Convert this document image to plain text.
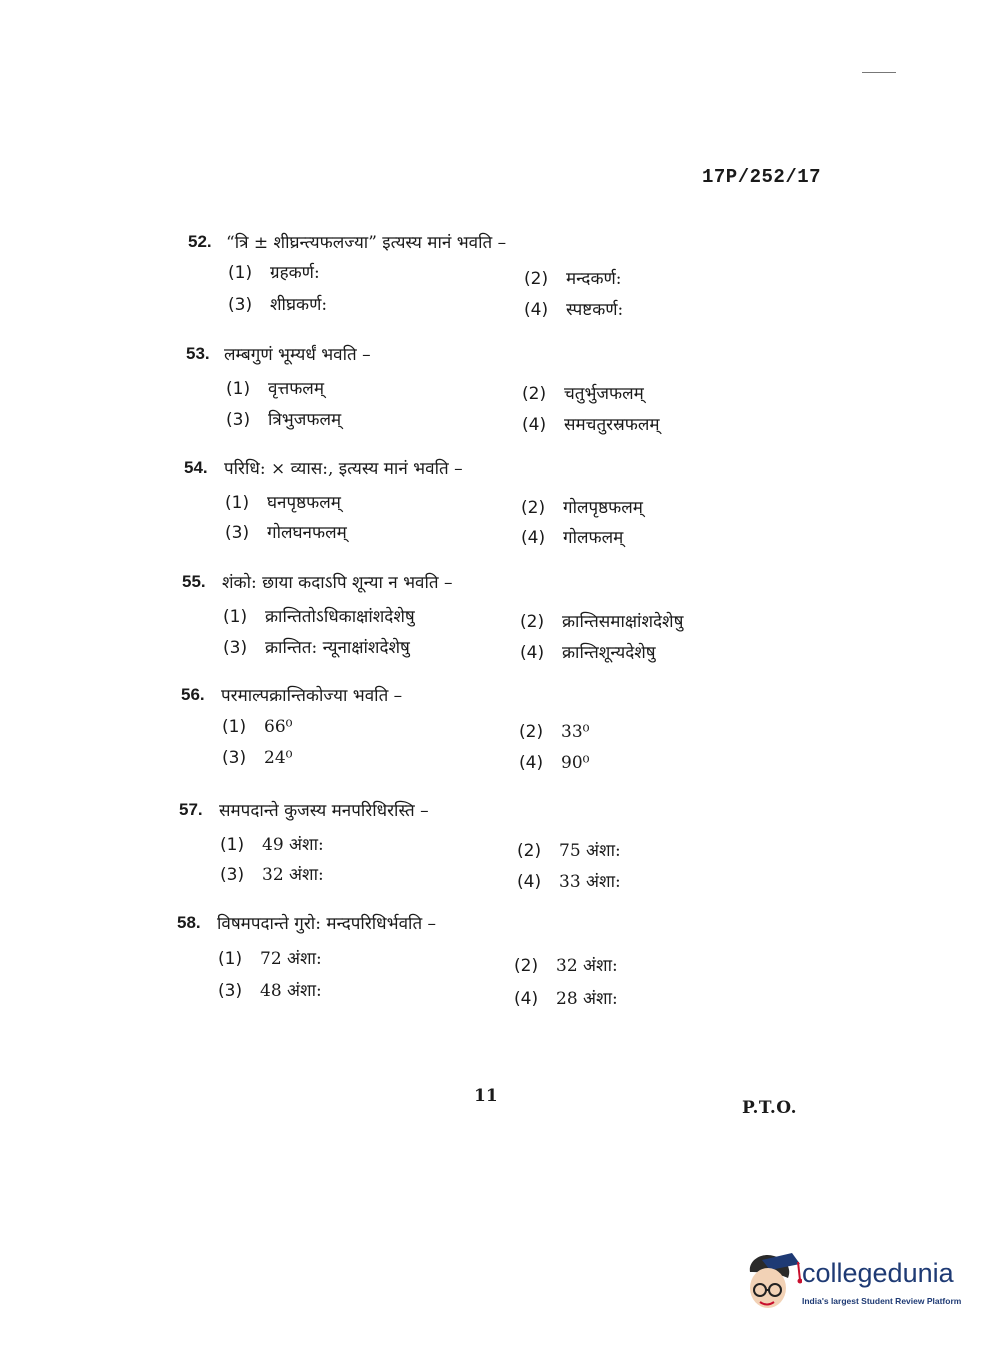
17P/252/17
52. “त्रि ± शीघ्रन्त्यफलज्या” इत्यस्य मानं भवति –
(1) ग्रहकर्ण:	(2) मन्दकर्ण:
(3) शीघ्रकर्ण:	(4) स्पष्टकर्ण:
53. लम्बगुणं भूम्यर्धं भवति –
(1) वृत्तफलम्	(2) चतुर्भुजफलम्
(3) त्रिभुजफलम्	(4) समचतुरस्रफलम्
54. परिधि: × व्यास:, इत्यस्य मानं भवति –
(1) घनपृष्ठफलम्	(2) गोलपृष्ठफलम्
(3) गोलघनफलम्	(4) गोलफलम्
55. शंको: छाया कदाऽपि शून्या न भवति –
(1) क्रान्तितोऽधिकाक्षांशदेशेषु	(2) क्रान्तिसमाक्षांशदेशेषु
(3) क्रान्तित: न्यूनाक्षांशदेशेषु	(4) क्रान्तिशून्यदेशेषु
56. परमाल्पक्रान्तिकोज्या भवति –
(1) 66⁰	(2) 33⁰
(3) 24⁰	(4) 90⁰
57. समपदान्ते कुजस्य मनपरिधिरस्ति –
(1) 49 अंशा:	(2) 75 अंशा:
(3) 32 अंशा:	(4) 33 अंशा:
58. विषमपदान्ते गुरो: मन्दपरिधिर्भवति –
(1) 72 अंशा:	(2) 32 अंशा:
(3) 48 अंशा:	(4) 28 अंशा:
11
P.T.O.
collegedunia
India's largest Student Review Platform
